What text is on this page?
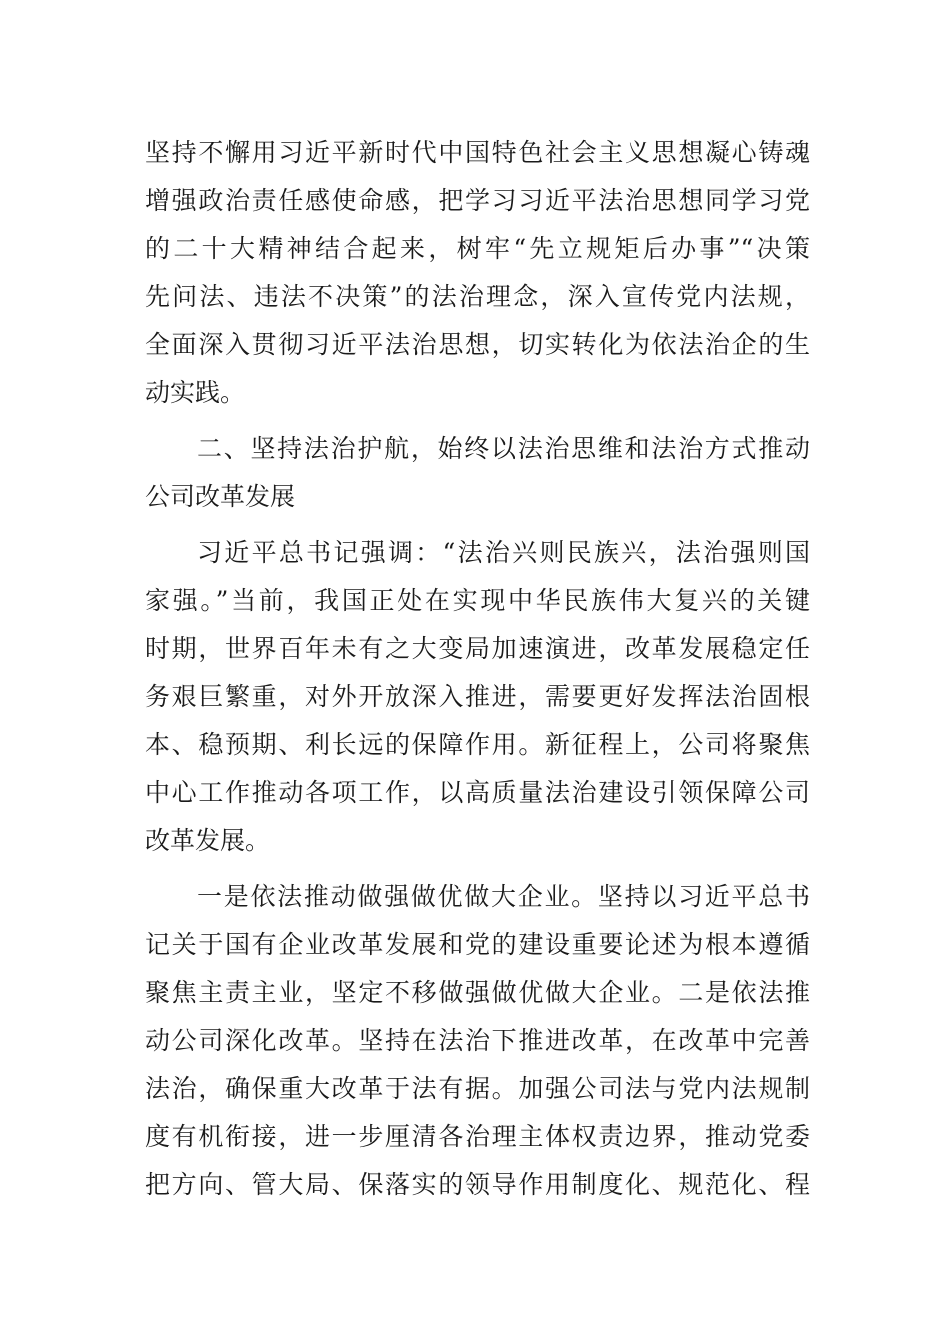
坚持不懈用习近平新时代中国特色社会主义思想凝心铸魂
增强政治责任感使命感，把学习习近平法治思想同学习党
的二十大精神结合起来，树牢“先立规矩后办事”“决策
先问法、违法不决策”的法治理念，深入宣传党内法规，
全面深入贯彻习近平法治思想，切实转化为依法治企的生
动实践。
二、坚持法治护航，始终以法治思维和法治方式推动
公司改革发展
习近平总书记强调：“法治兴则民族兴，法治强则国
家强。”当前，我国正处在实现中华民族伟大复兴的关键
时期，世界百年未有之大变局加速演进，改革发展稳定任
务艰巨繁重，对外开放深入推进，需要更好发挥法治固根
本、稳预期、利长远的保障作用。新征程上，公司将聚焦
中心工作推动各项工作，以高质量法治建设引领保障公司
改革发展。
一是依法推动做强做优做大企业。坚持以习近平总书
记关于国有企业改革发展和党的建设重要论述为根本遵循
聚焦主责主业，坚定不移做强做优做大企业。二是依法推
动公司深化改革。坚持在法治下推进改革，在改革中完善
法治，确保重大改革于法有据。加强公司法与党内法规制
度有机衔接，进一步厘清各治理主体权责边界，推动党委
把方向、管大局、保落实的领导作用制度化、规范化、程
